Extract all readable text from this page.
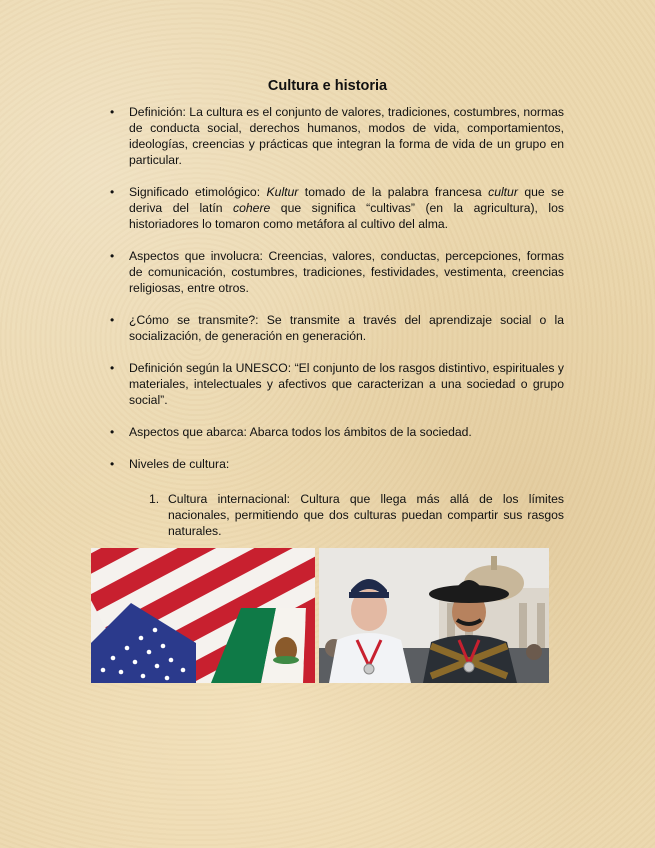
Cultura e historia
• Definición: La cultura es el conjunto de valores, tradiciones, costumbres, normas de conducta social, derechos humanos, modos de vida, comportamientos, ideologías, creencias y prácticas que integran la forma de vida de un grupo en particular.
• Significado etimológico: Kultur tomado de la palabra francesa cultur que se deriva del latín cohere que significa “cultivas” (en la agricultura), los historiadores lo tomaron como metáfora al cultivo del alma.
• Aspectos que involucra: Creencias, valores, conductas, percepciones, formas de comunicación, costumbres, tradiciones, festividades, vestimenta, creencias religiosas, entre otros.
• ¿Cómo se transmite?: Se transmite a través del aprendizaje social o la socialización, de generación en generación.
• Definición según la UNESCO: “El conjunto de los rasgos distintivo, espirituales y materiales, intelectuales y afectivos que caracterizan a una sociedad o grupo social”.
• Aspectos que abarca: Abarca todos los ámbitos de la sociedad.
• Niveles de cultura:
1. Cultura internacional: Cultura que llega más allá de los límites nacionales, permitiendo que dos culturas puedan compartir sus rasgos naturales.
